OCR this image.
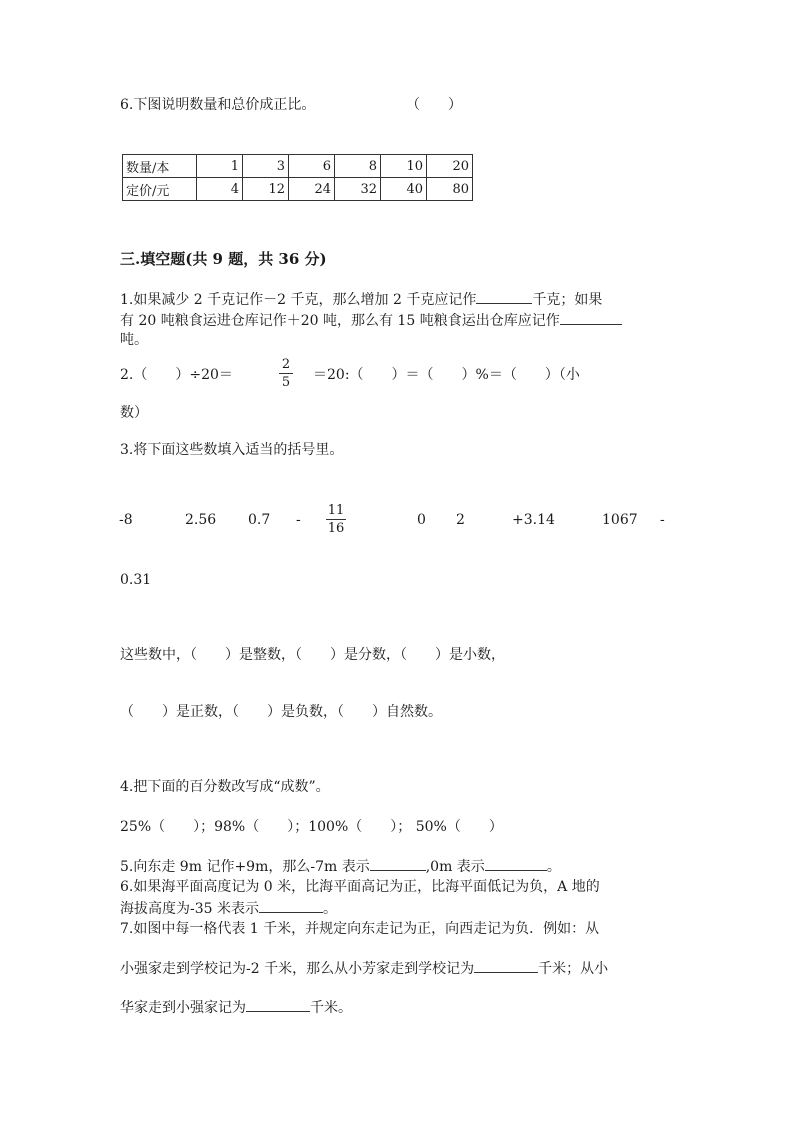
6.下图说明数量和总价成正比。	（　　）
数量/本	1	3	6	8	10	20
定价/元	4	12	24	32	40	80
三.填空题(共 9 题，共 36 分)
1.如果减少 2 千克记作－2 千克，那么增加 2 千克应记作	千克；如果
有 20 吨粮食运进仓库记作＋20 吨，那么有 15 吨粮食运出仓库应记作
吨。
2.（　　）÷20＝
2
5 ＝20:（　　）＝（　　）%＝（　　）（小
数）
3.将下面这些数填入适当的括号里。
-8	2.56 0.7 -
11
16
0 2	+3.14	1067 -
0.31
这些数中，（　　）是整数，（　　）是分数，（　　）是小数，
（　　）是正数，（　　）是负数，（　　）自然数。
4.把下面的百分数改写成“成数”。
25%（　　）；98%（　　）；100%（　　）； 50%（　　）
5.向东走 9m 记作+9m，那么-7m 表示	,0m 表示	。
6.如果海平面高度记为 0 米，比海平面高记为正，比海平面低记为负，A 地的
海拔高度为-35 米表示	。
7.如图中每一格代表 1 千米，并规定向东走记为正，向西走记为负．例如：从
小强家走到学校记为-2 千米，那么从小芳家走到学校记为	千米；从小
华家走到小强家记为	千米。
